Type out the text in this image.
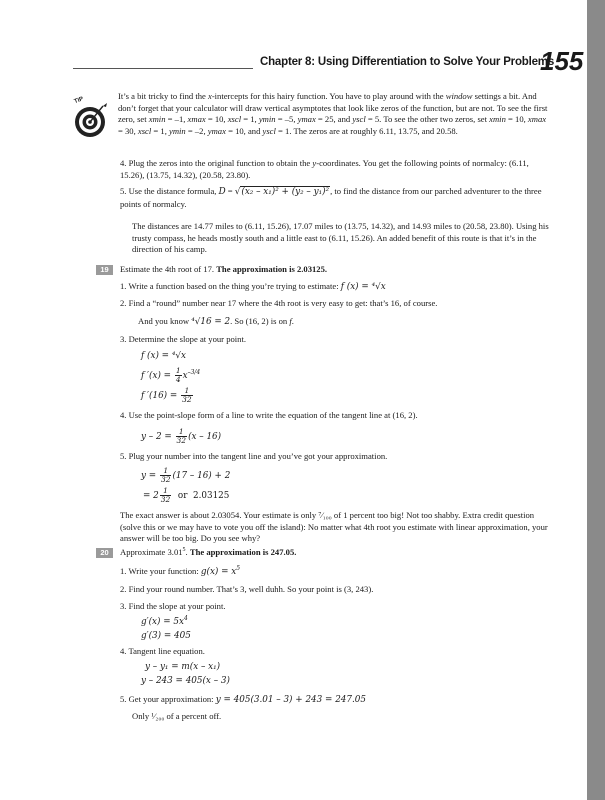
Chapter 8: Using Differentiation to Solve Your Problems
155
TIP	It’s a bit tricky to find the x-intercepts for this hairy function. You have to play around with the window settings a bit. And don’t forget that your calculator will draw vertical asymptotes that look like zeros of the function, but are not. To see the first zero, set xmin = –1, xmax = 10, xscl = 1, ymin = –5, ymax = 25, and yscl = 5. To see the other two zeros, set xmin = 10, xmax = 30, xscl = 1, ymin = –2, ymax = 10, and yscl = 1. The zeros are at roughly 6.11, 13.75, and 20.58.
4. Plug the zeros into the original function to obtain the y-coordinates. You get the following points of normalcy: (6.11, 15.26), (13.75, 14.32), (20.58, 23.80).
5. Use the distance formula, D = √(x₂ – x₁)² + (y₂ – y₁)², to find the distance from our parched adventurer to the three points of normalcy.
The distances are 14.77 miles to (6.11, 15.26), 17.07 miles to (13.75, 14.32), and 14.93 miles to (20.58, 23.80). Using his trusty compass, he heads mostly south and a little east to (6.11, 15.26). An added benefit of this route is that it’s in the direction of his camp.
19	Estimate the 4th root of 17. The approximation is 2.03125.
1. Write a function based on the thing you’re trying to estimate: f (x) = ⁴√x
2. Find a “round” number near 17 where the 4th root is very easy to get: that’s 16, of course.
And you know ⁴√16 = 2. So (16, 2) is on f.
3. Determine the slope at your point.
f (x) = ⁴√x
f $'(x) = \frac{1}{4} x^{-3/4}$
f $'(16) = \frac{1}{32}$
4. Use the point-slope form of a line to write the equation of the tangent line at (16, 2).
$y - 2 = \frac{1}{32} (x - 16)$
5. Plug your number into the tangent line and you’ve got your approximation.
$y = \frac{1}{32} (17 - 16) + 2$
= $2 \frac{1}{32}$ or  2.03125
The exact answer is about 2.03054. Your estimate is only ⁷⁄₁₀₀ of 1 percent too big! Not too shabby. Extra credit question (solve this or we may have to vote you off the island): No matter what 4th root you estimate with linear approximation, your answer will be too big. Do you see why?
20	Approximate 3.01$^5$. The approximation is 247.05.
1. Write your function: $g(x) = x^5$
2. Find your round number. That’s 3, well duhh. So your point is (3, 243).
3. Find the slope at your point.
$g'(x) = 5x^4$
g′(3) = 405
4. Tangent line equation.
y – y₁ = m(x – x₁)
y – 243 = 405(x – 3)
5. Get your approximation: y = 405(3.01 – 3) + 243 = 247.05
Only ¹⁄₂₀₀ of a percent off.
